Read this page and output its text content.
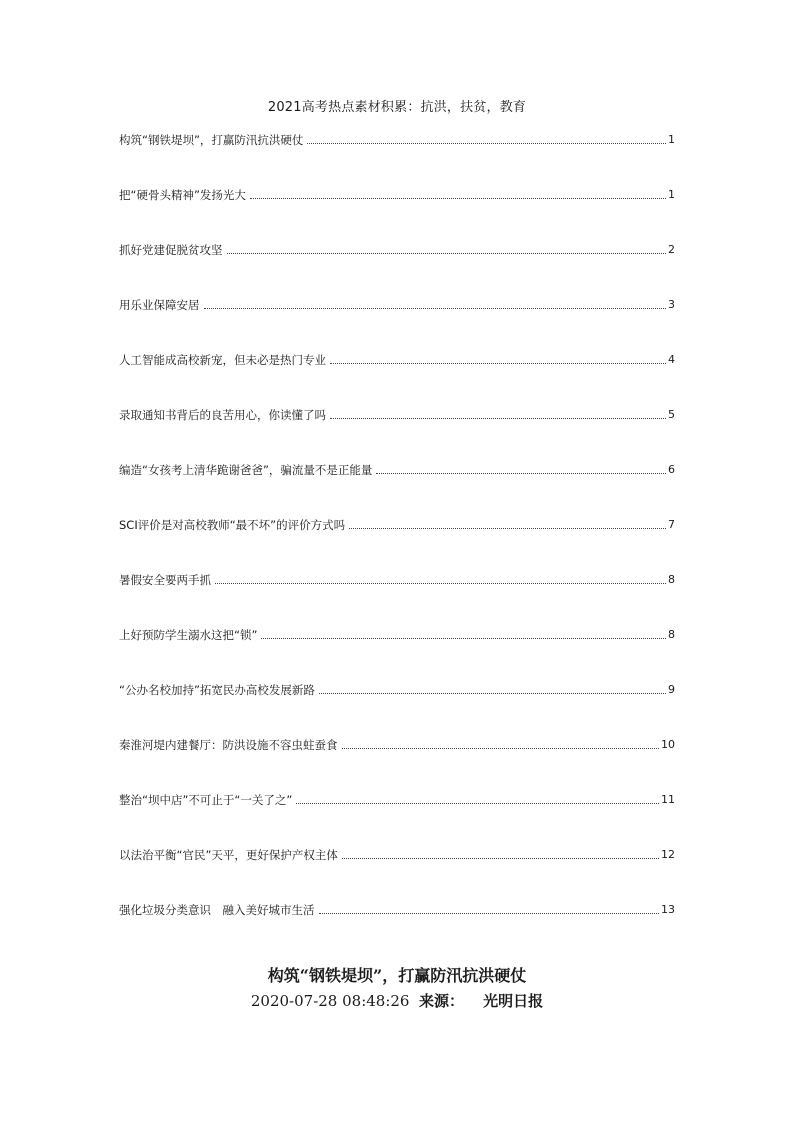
2021高考热点素材积累：抗洪，扶贫，教育
构筑“钢铁堤坝”，打赢防汛抗洪硬仗	1
把“硬骨头精神”发扬光大	1
抓好党建促脱贫攻坚	2
用乐业保障安居	3
人工智能成高校新宠，但未必是热门专业	4
录取通知书背后的良苦用心，你读懂了吗	5
编造“女孩考上清华跪谢爸爸”，骗流量不是正能量	6
SCI评价是对高校教师“最不坏”的评价方式吗	7
暑假安全要两手抓	8
上好预防学生溺水这把“锁”	8
“公办名校加持”拓宽民办高校发展新路	9
秦淮河堤内建餐厅：防洪设施不容虫蛀蚕食	10
整治“坝中店”不可止于“一关了之”	11
以法治平衡“官民”天平，更好保护产权主体	12
强化垃圾分类意识　融入美好城市生活	13
构筑“钢铁堤坝”，打赢防汛抗洪硬仗
2020-07-28 08:48:26 来源： 光明日报
